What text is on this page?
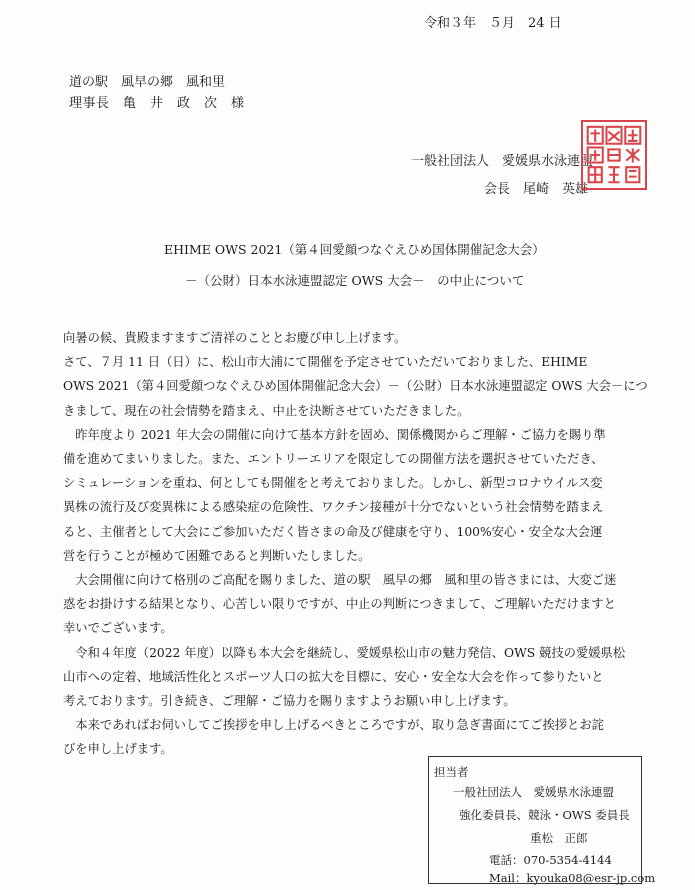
令和３年　５月　24 日
道の駅　風早の郷　風和里
理事長　亀　井　政　次　様
一般社団法人　愛媛県水泳連盟
会長　尾崎　英雄
EHIME OWS 2021（第４回愛顔つなぐえひめ国体開催記念大会）
－（公財）日本水泳連盟認定 OWS 大会－　の中止について
向暑の候、貴殿ますますご清祥のこととお慶び申し上げます。
さて、７月 11 日（日）に、松山市大浦にて開催を予定させていただいておりました、EHIME
OWS 2021（第４回愛顔つなぐえひめ国体開催記念大会）－（公財）日本水泳連盟認定 OWS 大会－につ
きまして、現在の社会情勢を踏まえ、中止を決断させていただきました。
　昨年度より 2021 年大会の開催に向けて基本方針を固め、関係機関からご理解・ご協力を賜り準
備を進めてまいりました。また、エントリーエリアを限定しての開催方法を選択させていただき、
シミュレーションを重ね、何としても開催をと考えておりました。しかし、新型コロナウイルス変
異株の流行及び変異株による感染症の危険性、ワクチン接種が十分でないという社会情勢を踏まえ
ると、主催者として大会にご参加いただく皆さまの命及び健康を守り、100%安心・安全な大会運
営を行うことが極めて困難であると判断いたしました。
　大会開催に向けて格別のご高配を賜りました、道の駅　風早の郷　風和里の皆さまには、大変ご迷
惑をお掛けする結果となり、心苦しい限りですが、中止の判断につきまして、ご理解いただけますと
幸いでございます。
　令和４年度（2022 年度）以降も本大会を継続し、愛媛県松山市の魅力発信、OWS 競技の愛媛県松
山市への定着、地域活性化とスポーツ人口の拡大を目標に、安心・安全な大会を作って参りたいと
考えております。引き続き、ご理解・ご協力を賜りますようお願い申し上げます。
　本来であればお伺いしてご挨拶を申し上げるべきところですが、取り急ぎ書面にてご挨拶とお詫
びを申し上げます。
担当者
一般社団法人　愛媛県水泳連盟
強化委員長、競泳・OWS 委員長
重松　正郎
電話：070-5354-4144
Mail：kyouka08@esr-jp.com
